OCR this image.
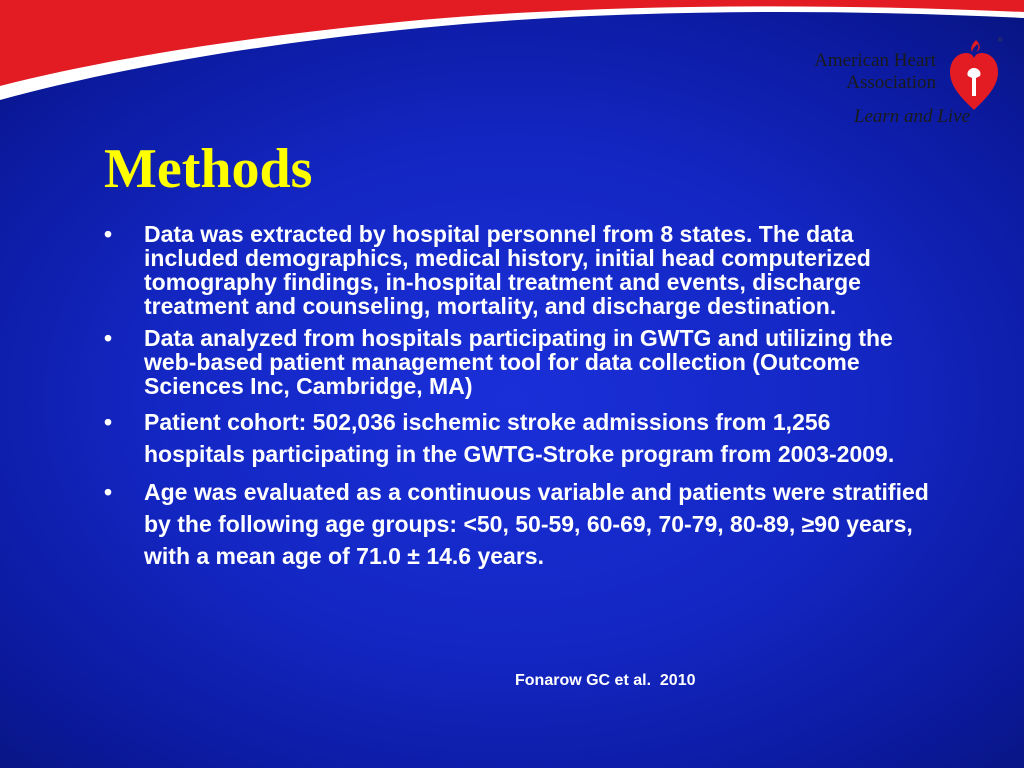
American Heart
Association
®
Learn and Live
Methods
• Data was extracted by hospital personnel from 8 states. The data included demographics, medical history, initial head computerized tomography findings, in-hospital treatment and events, discharge treatment and counseling, mortality, and discharge destination.
• Data analyzed from hospitals participating in GWTG and utilizing the web-based patient management tool for data collection (Outcome Sciences Inc, Cambridge, MA)
• Patient cohort: 502,036 ischemic stroke admissions from 1,256 hospitals participating in the GWTG-Stroke program from 2003-2009.
• Age was evaluated as a continuous variable and patients were stratified by the following age groups: <50, 50-59, 60-69, 70-79, 80-89, ≥90 years, with a mean age of 71.0 ± 14.6 years.
Fonarow GC et al.  2010
